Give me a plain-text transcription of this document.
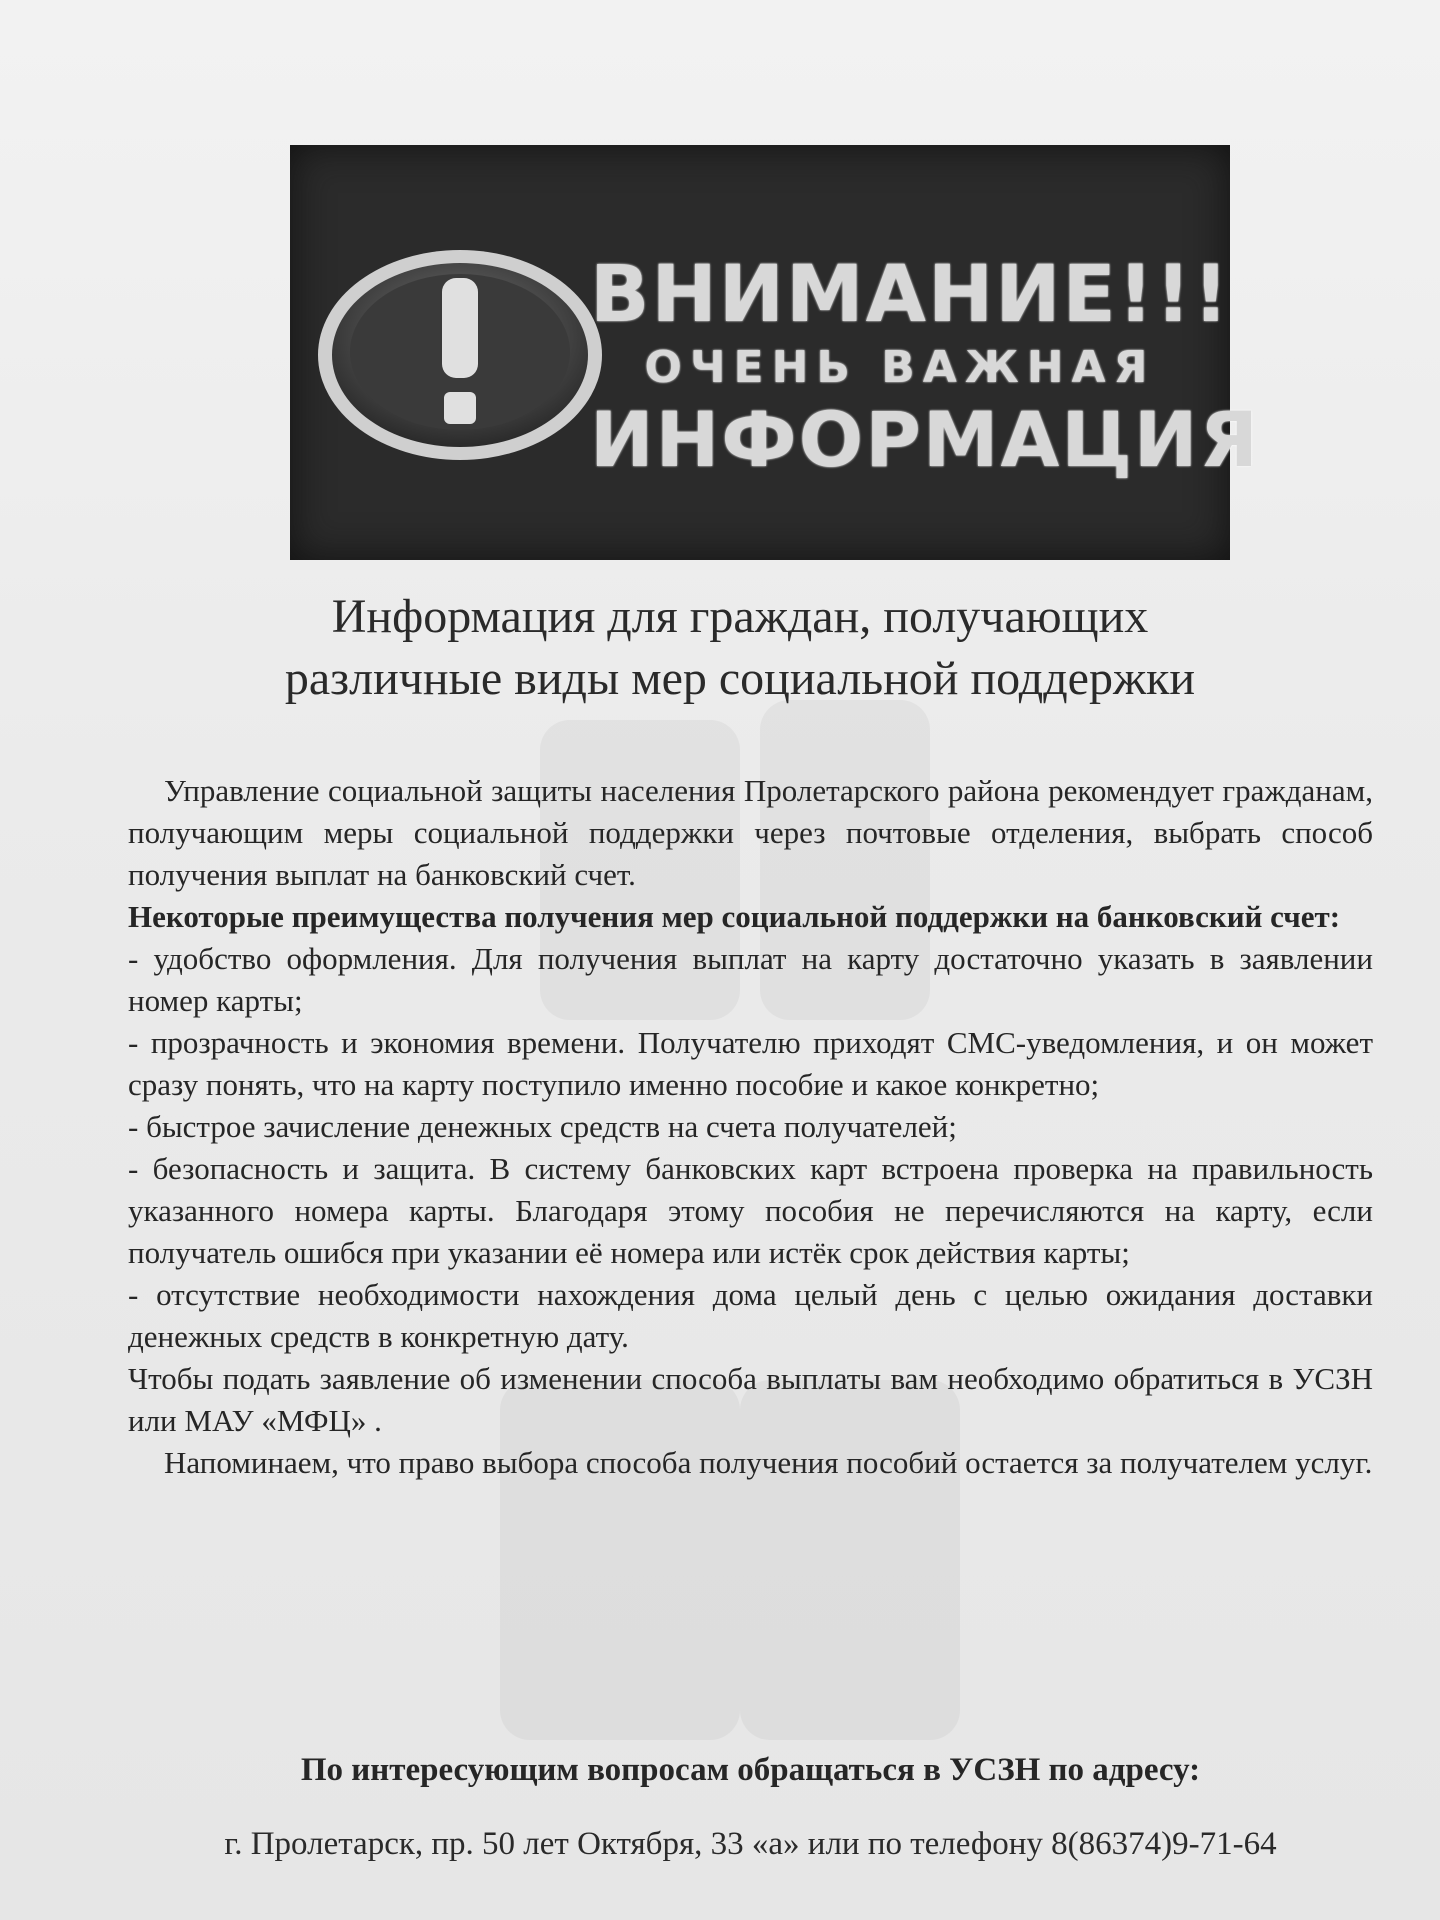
ВНИМАНИЕ!!!
ОЧЕНЬ ВАЖНАЯ
ИНФОРМАЦИЯ
Информация для граждан, получающих
различные виды мер социальной поддержки

Управление социальной защиты населения Пролетарского района рекомендует гражданам, получающим меры социальной поддержки через почтовые отделения, выбрать способ получения выплат на банковский счет.

Некоторые преимущества получения мер социальной поддержки на банковский счет:

- удобство оформления. Для получения выплат на карту достаточно указать в заявлении номер карты;

- прозрачность и экономия времени. Получателю приходят СМС-уведомления, и он может сразу понять, что на карту поступило именно пособие и какое конкретно;

- быстрое зачисление денежных средств на счета получателей;

- безопасность и защита. В систему банковских карт встроена проверка на правильность указанного номера карты. Благодаря этому пособия не перечисляются на карту, если получатель ошибся при указании её номера или истёк срок действия карты;

- отсутствие необходимости нахождения дома целый день с целью ожидания доставки денежных средств в конкретную дату.

Чтобы подать заявление об изменении способа выплаты вам необходимо обратиться в УСЗН или МАУ «МФЦ» .

Напоминаем, что право выбора способа получения пособий остается за получателем услуг.

По интересующим вопросам обращаться в УСЗН по адресу:
г. Пролетарск, пр. 50 лет Октября, 33 «а» или по телефону 8(86374)9-71-64
